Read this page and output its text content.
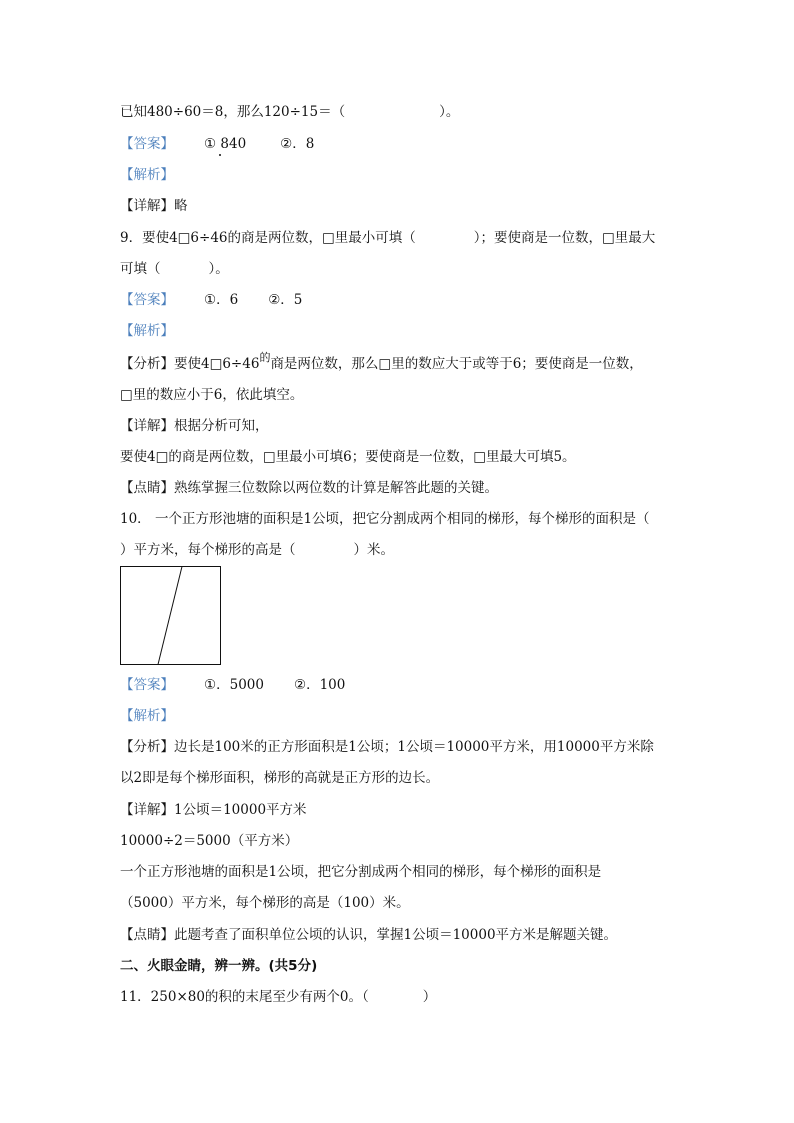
已知480÷60＝8，那么120÷15＝（	）。
【答案】 ① 840	②．8
【解析】
【详解】略
9．要使4□6÷46的商是两位数，□里最小可填（	）；要使商是一位数，□里最大
可填（	）。
【答案】 ①．6 ②．5
【解析】
【分析】要使$4□6\div 46^的$商是两位数，那么□里的数应大于或等于6；要使商是一位数，
□里的数应小于6，依此填空。
【详解】根据分析可知，
要使4□的商是两位数，□里最小可填6；要使商是一位数，□里最大可填5。
【点睛】熟练掌握三位数除以两位数的计算是解答此题的关键。
10． 一个正方形池塘的面积是1公顷，把它分割成两个相同的梯形，每个梯形的面积是（
）平方米，每个梯形的高是（	）米。
【答案】 ①．5000 ②．100
【解析】
【分析】边长是100米的正方形面积是1公顷；1公顷＝10000平方米，用10000平方米除
以2即是每个梯形面积，梯形的高就是正方形的边长。
【详解】1公顷＝10000平方米
10000÷2＝5000（平方米）
一个正方形池塘的面积是1公顷，把它分割成两个相同的梯形，每个梯形的面积是
（5000）平方米，每个梯形的高是（100）米。
【点睛】此题考查了面积单位公顷的认识，掌握1公顷＝10000平方米是解题关键。
二、火眼金睛，辨一辨。(共5分)
11．250×80的积的末尾至少有两个0。（	）
